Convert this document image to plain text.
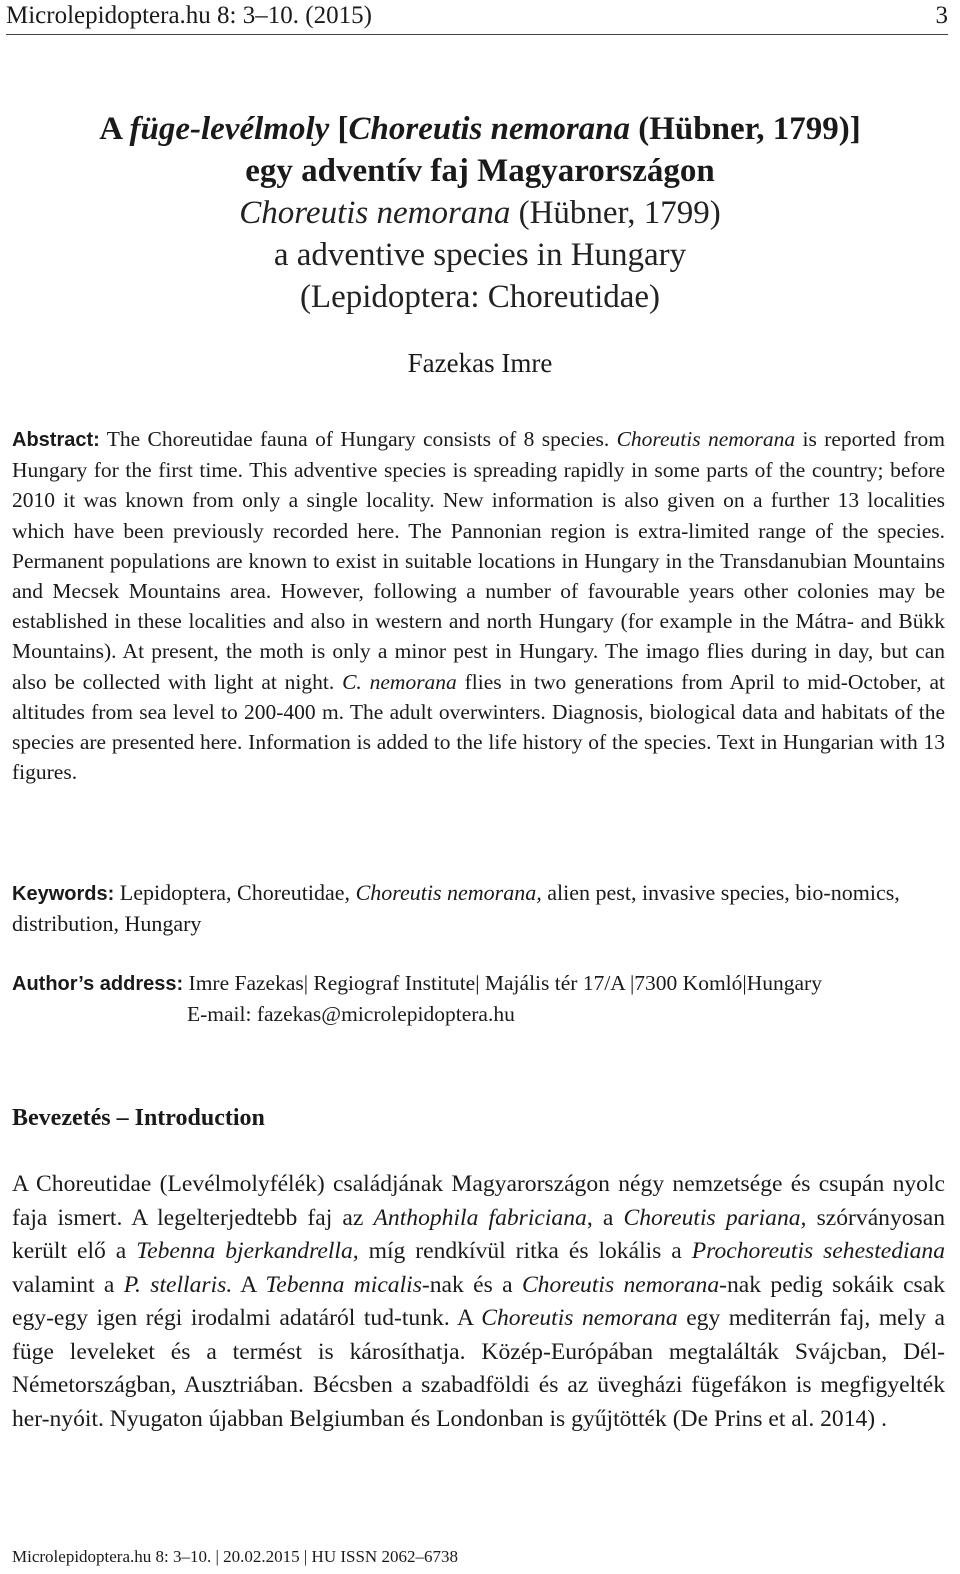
Microlepidoptera.hu 8: 3–10. (2015)	3
A füge-levélmoly [Choreutis nemorana (Hübner, 1799)]
egy adventív faj Magyarországon
Choreutis nemorana (Hübner, 1799)
a adventive species in Hungary
(Lepidoptera: Choreutidae)
Fazekas Imre
Abstract: The Choreutidae fauna of Hungary consists of 8 species. Choreutis nemorana is reported from Hungary for the first time. This adventive species is spreading rapidly in some parts of the country; before 2010 it was known from only a single locality. New information is also given on a further 13 localities which have been previously recorded here. The Pannonian region is extra-limited range of the species. Permanent populations are known to exist in suitable locations in Hungary in the Transdanubian Mountains and Mecsek Mountains area. However, following a number of favourable years other colonies may be established in these localities and also in western and north Hungary (for example in the Mátra- and Bükk Mountains). At present, the moth is only a minor pest in Hungary. The imago flies during in day, but can also be collected with light at night. C. nemorana flies in two generations from April to mid-October, at altitudes from sea level to 200-400 m. The adult overwinters. Diagnosis, biological data and habitats of the species are presented here. Information is added to the life history of the species. Text in Hungarian with 13 figures.
Keywords: Lepidoptera, Choreutidae, Choreutis nemorana, alien pest, invasive species, bio-nomics, distribution, Hungary
Author’s address: Imre Fazekas| Regiograf Institute| Majális tér 17/A |7300 Komló|Hungary
E-mail: fazekas@microlepidoptera.hu
Bevezetés – Introduction
A Choreutidae (Levélmolyfélék) családjának Magyarországon négy nemzetsége és csupán nyolc faja ismert. A legelterjedtebb faj az Anthophila fabriciana, a Choreutis pariana, szórványosan került elő a Tebenna bjerkandrella, míg rendkívül ritka és lokális a Prochoreutis sehestediana valamint a P. stellaris. A Tebenna micalis-nak és a Choreutis nemorana-nak pedig sokáik csak egy-egy igen régi irodalmi adatáról tud-tunk. A Choreutis nemorana egy mediterrán faj, mely a füge leveleket és a termést is károsíthatja. Közép-Európában megtalálták Svájcban, Dél-Németországban, Ausztriában. Bécsben a szabadföldi és az üvegházi fügefákon is megfigyelték her-nyóit. Nyugaton újabban Belgiumban és Londonban is gyűjtötték (De Prins et al. 2014) .
Microlepidoptera.hu 8: 3–10. | 20.02.2015 | HU ISSN 2062–6738
